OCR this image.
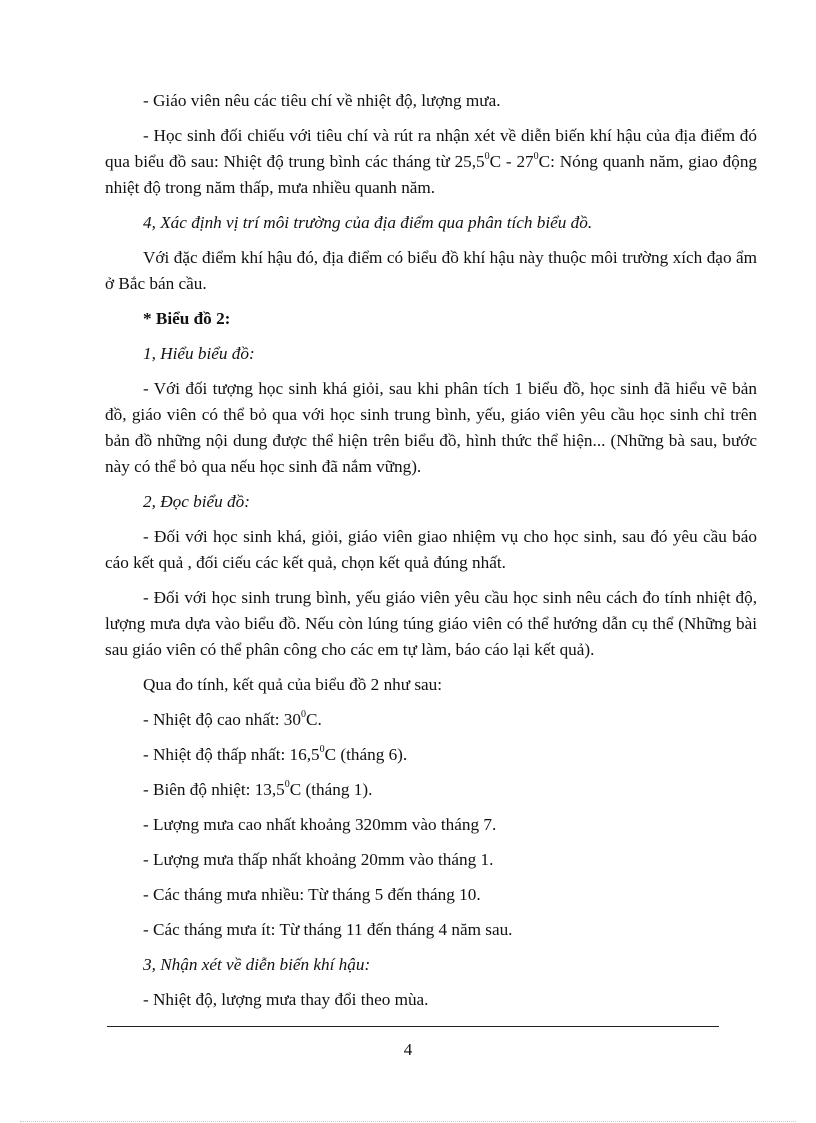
- Giáo viên nêu các tiêu chí về nhiệt độ, lượng mưa.

- Học sinh đối chiếu với tiêu chí và rút ra nhận xét về diễn biến khí hậu của địa điểm đó qua biểu đồ sau: Nhiệt độ trung bình các tháng từ $25,5^0C - 27^0C$: Nóng quanh năm, giao động nhiệt độ trong năm thấp, mưa nhiều quanh năm.

4, Xác định vị trí môi trường của địa điểm qua phân tích biểu đồ.

Với đặc điểm khí hậu đó, địa điểm có biểu đồ khí hậu này thuộc môi trường xích đạo ẩm ở Bắc bán cầu.

* Biểu đồ 2:

1, Hiểu biểu đồ:

- Với đối tượng học sinh khá giỏi, sau khi phân tích 1 biểu đồ, học sinh đã hiểu vẽ bản đồ, giáo viên có thể bỏ qua với học sinh trung bình, yếu, giáo viên yêu cầu học sinh chỉ trên bản đồ những nội dung được thể hiện trên biểu đồ, hình thức thể hiện... (Những bà sau, bước này có thể bỏ qua nếu học sinh đã nắm vững).

2, Đọc biểu đồ:

- Đối với học sinh khá, giỏi, giáo viên giao nhiệm vụ cho học sinh, sau đó yêu cầu báo cáo kết quả , đối ciếu các kết quả, chọn kết quả đúng nhất.

- Đối với học sinh trung bình, yếu giáo viên yêu cầu học sinh nêu cách đo tính nhiệt độ, lượng mưa dựa vào biểu đồ. Nếu còn lúng túng giáo viên có thể hướng dẫn cụ thể (Những bài sau giáo viên có thể phân công cho các em tự làm, báo cáo lại kết quả).

Qua đo tính, kết quả của biểu đồ 2 như sau:

- Nhiệt độ cao nhất: $30^0C$.

- Nhiệt độ thấp nhất: 16,5$^0$C (tháng 6).

- Biên độ nhiệt: 13,5$^0$C (tháng 1).

- Lượng mưa cao nhất khoảng 320mm vào tháng 7.

- Lượng mưa thấp nhất khoảng 20mm vào tháng 1.

- Các tháng mưa nhiều: Từ tháng 5 đến tháng 10.

- Các tháng mưa ít: Từ tháng 11 đến tháng 4 năm sau.

3, Nhận xét về diễn biến khí hậu:

- Nhiệt độ, lượng mưa thay đổi theo mùa.

4
